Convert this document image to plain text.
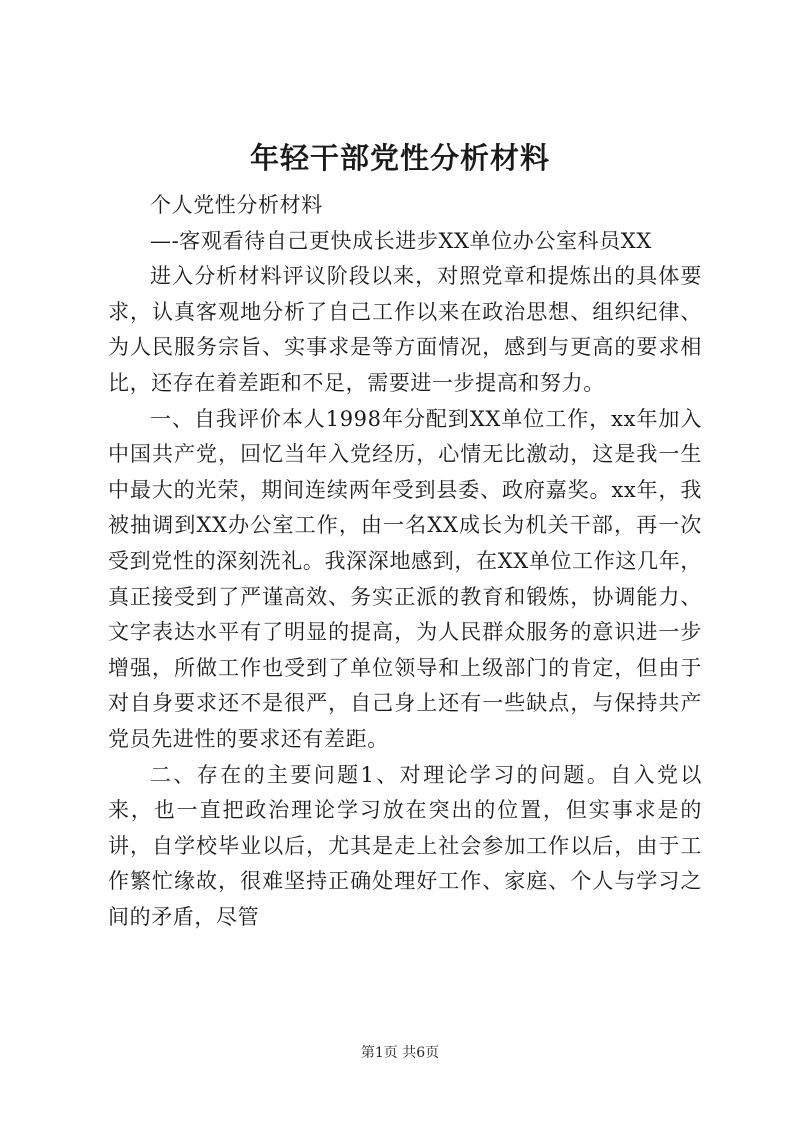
年轻干部党性分析材料

个人党性分析材料

—-客观看待自己更快成长进步XX单位办公室科员XX

进入分析材料评议阶段以来，对照党章和提炼出的具体要求，认真客观地分析了自己工作以来在政治思想、组织纪律、为人民服务宗旨、实事求是等方面情况，感到与更高的要求相比，还存在着差距和不足，需要进一步提高和努力。

一、自我评价本人1998年分配到XX单位工作，xx年加入中国共产党，回忆当年入党经历，心情无比激动，这是我一生中最大的光荣，期间连续两年受到县委、政府嘉奖。xx年，我被抽调到XX办公室工作，由一名XX成长为机关干部，再一次受到党性的深刻洗礼。我深深地感到，在XX单位工作这几年，真正接受到了严谨高效、务实正派的教育和锻炼，协调能力、文字表达水平有了明显的提高，为人民群众服务的意识进一步增强，所做工作也受到了单位领导和上级部门的肯定，但由于对自身要求还不是很严，自己身上还有一些缺点，与保持共产党员先进性的要求还有差距。

二、存在的主要问题1、对理论学习的问题。自入党以来，也一直把政治理论学习放在突出的位置，但实事求是的讲，自学校毕业以后，尤其是走上社会参加工作以后，由于工作繁忙缘故，很难坚持正确处理好工作、家庭、个人与学习之间的矛盾，尽管

第1页 共6页
